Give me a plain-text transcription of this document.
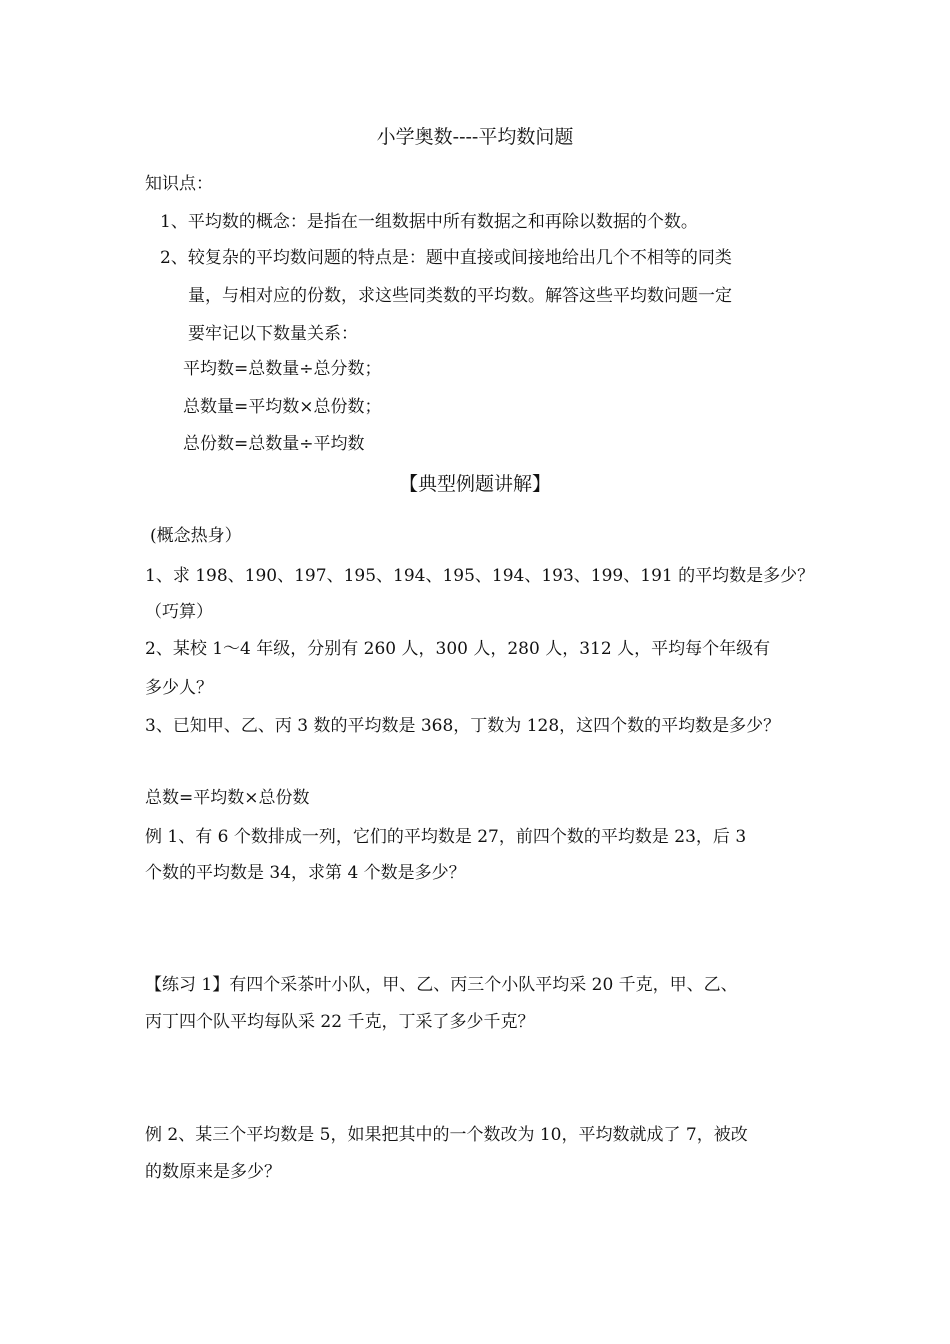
小学奥数----平均数问题
知识点：
1、平均数的概念：是指在一组数据中所有数据之和再除以数据的个数。
2、较复杂的平均数问题的特点是：题中直接或间接地给出几个不相等的同类
量，与相对应的份数，求这些同类数的平均数。解答这些平均数问题一定
要牢记以下数量关系：
平均数=总数量÷总分数；
总数量=平均数×总份数；
总份数=总数量÷平均数
【典型例题讲解】
(概念热身）
1、求 198、190、197、195、194、195、194、193、199、191 的平均数是多少？
（巧算）
2、某校 1～4 年级，分别有 260 人，300 人，280 人，312 人，平均每个年级有
多少人？
3、已知甲、乙、丙 3 数的平均数是 368，丁数为 128，这四个数的平均数是多少？
总数=平均数×总份数
例 1、有 6 个数排成一列，它们的平均数是 27，前四个数的平均数是 23，后 3
个数的平均数是 34，求第 4 个数是多少？
【练习 1】有四个采茶叶小队，甲、乙、丙三个小队平均采 20 千克，甲、乙、
丙丁四个队平均每队采 22 千克，丁采了多少千克？
例 2、某三个平均数是 5，如果把其中的一个数改为 10，平均数就成了 7，被改
的数原来是多少？
